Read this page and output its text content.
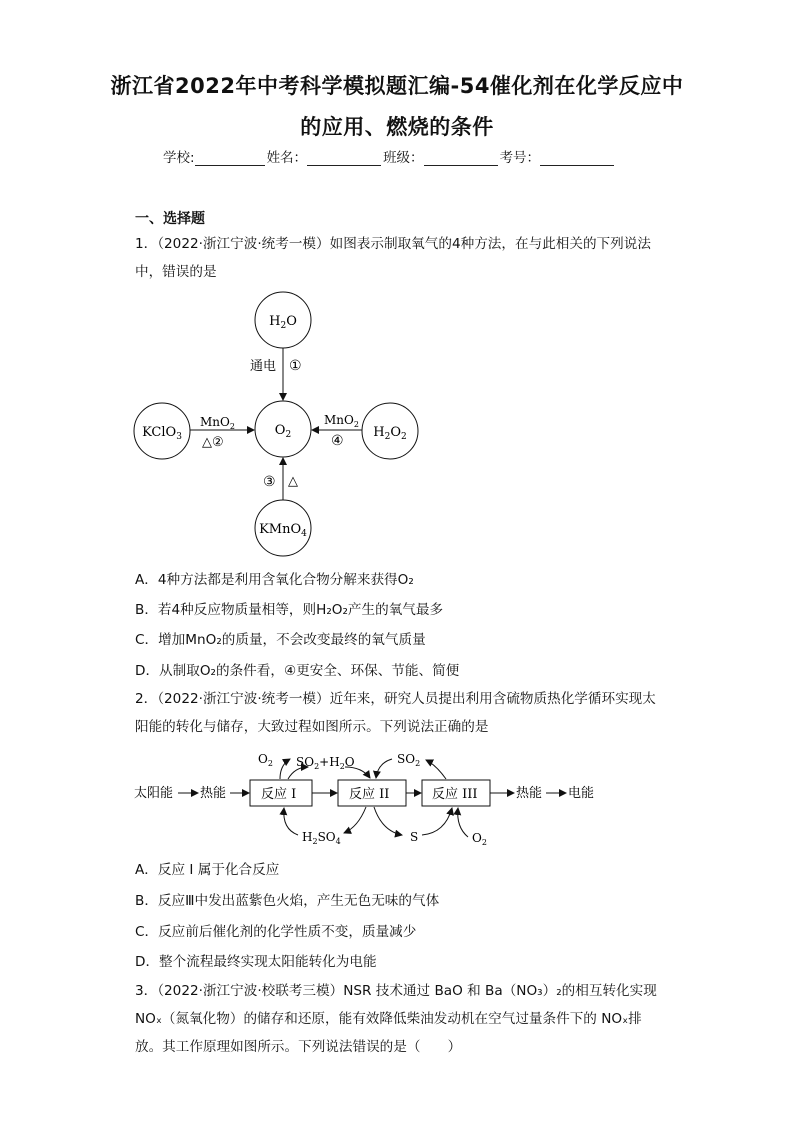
浙江省2022年中考科学模拟题汇编-54催化剂在化学反应中
的应用、燃烧的条件
学校:	姓名：	班级：	考号：
一、选择题
1．（2022·浙江宁波·统考一模）如图表示制取氧气的4种方法，在与此相关的下列说法
中，错误的是
$H_2O$
$O_2$
KClO$_3$	$H_2O_2$
KMnO$_4$
通电 ①
MnO$_2$
△②
MnO$_2$
④
③ △
A．4种方法都是利用含氧化合物分解来获得O₂
B．若4种反应物质量相等，则H₂O₂产生的氧气最多
C．增加MnO₂的质量，不会改变最终的氧气质量
D．从制取O₂的条件看，④更安全、环保、节能、简便
2．（2022·浙江宁波·统考一模）近年来，研究人员提出利用含硫物质热化学循环实现太
阳能的转化与储存，大致过程如图所示。下列说法正确的是
反应 I	反应 II	反应 III
太阳能 热能	热能 电能
$O_2$ $SO_2+H_2O$	$SO_2$
$H_2SO_4$	S	$O_2$
A．反应 I 属于化合反应
B．反应Ⅲ中发出蓝紫色火焰，产生无色无味的气体
C．反应前后催化剂的化学性质不变，质量减少
D．整个流程最终实现太阳能转化为电能
3．（2022·浙江宁波·校联考三模）NSR 技术通过 BaO 和 Ba（NO₃）₂的相互转化实现
NOₓ（氮氧化物）的储存和还原，能有效降低柴油发动机在空气过量条件下的 NOₓ排
放。其工作原理如图所示。下列说法错误的是（　　）
